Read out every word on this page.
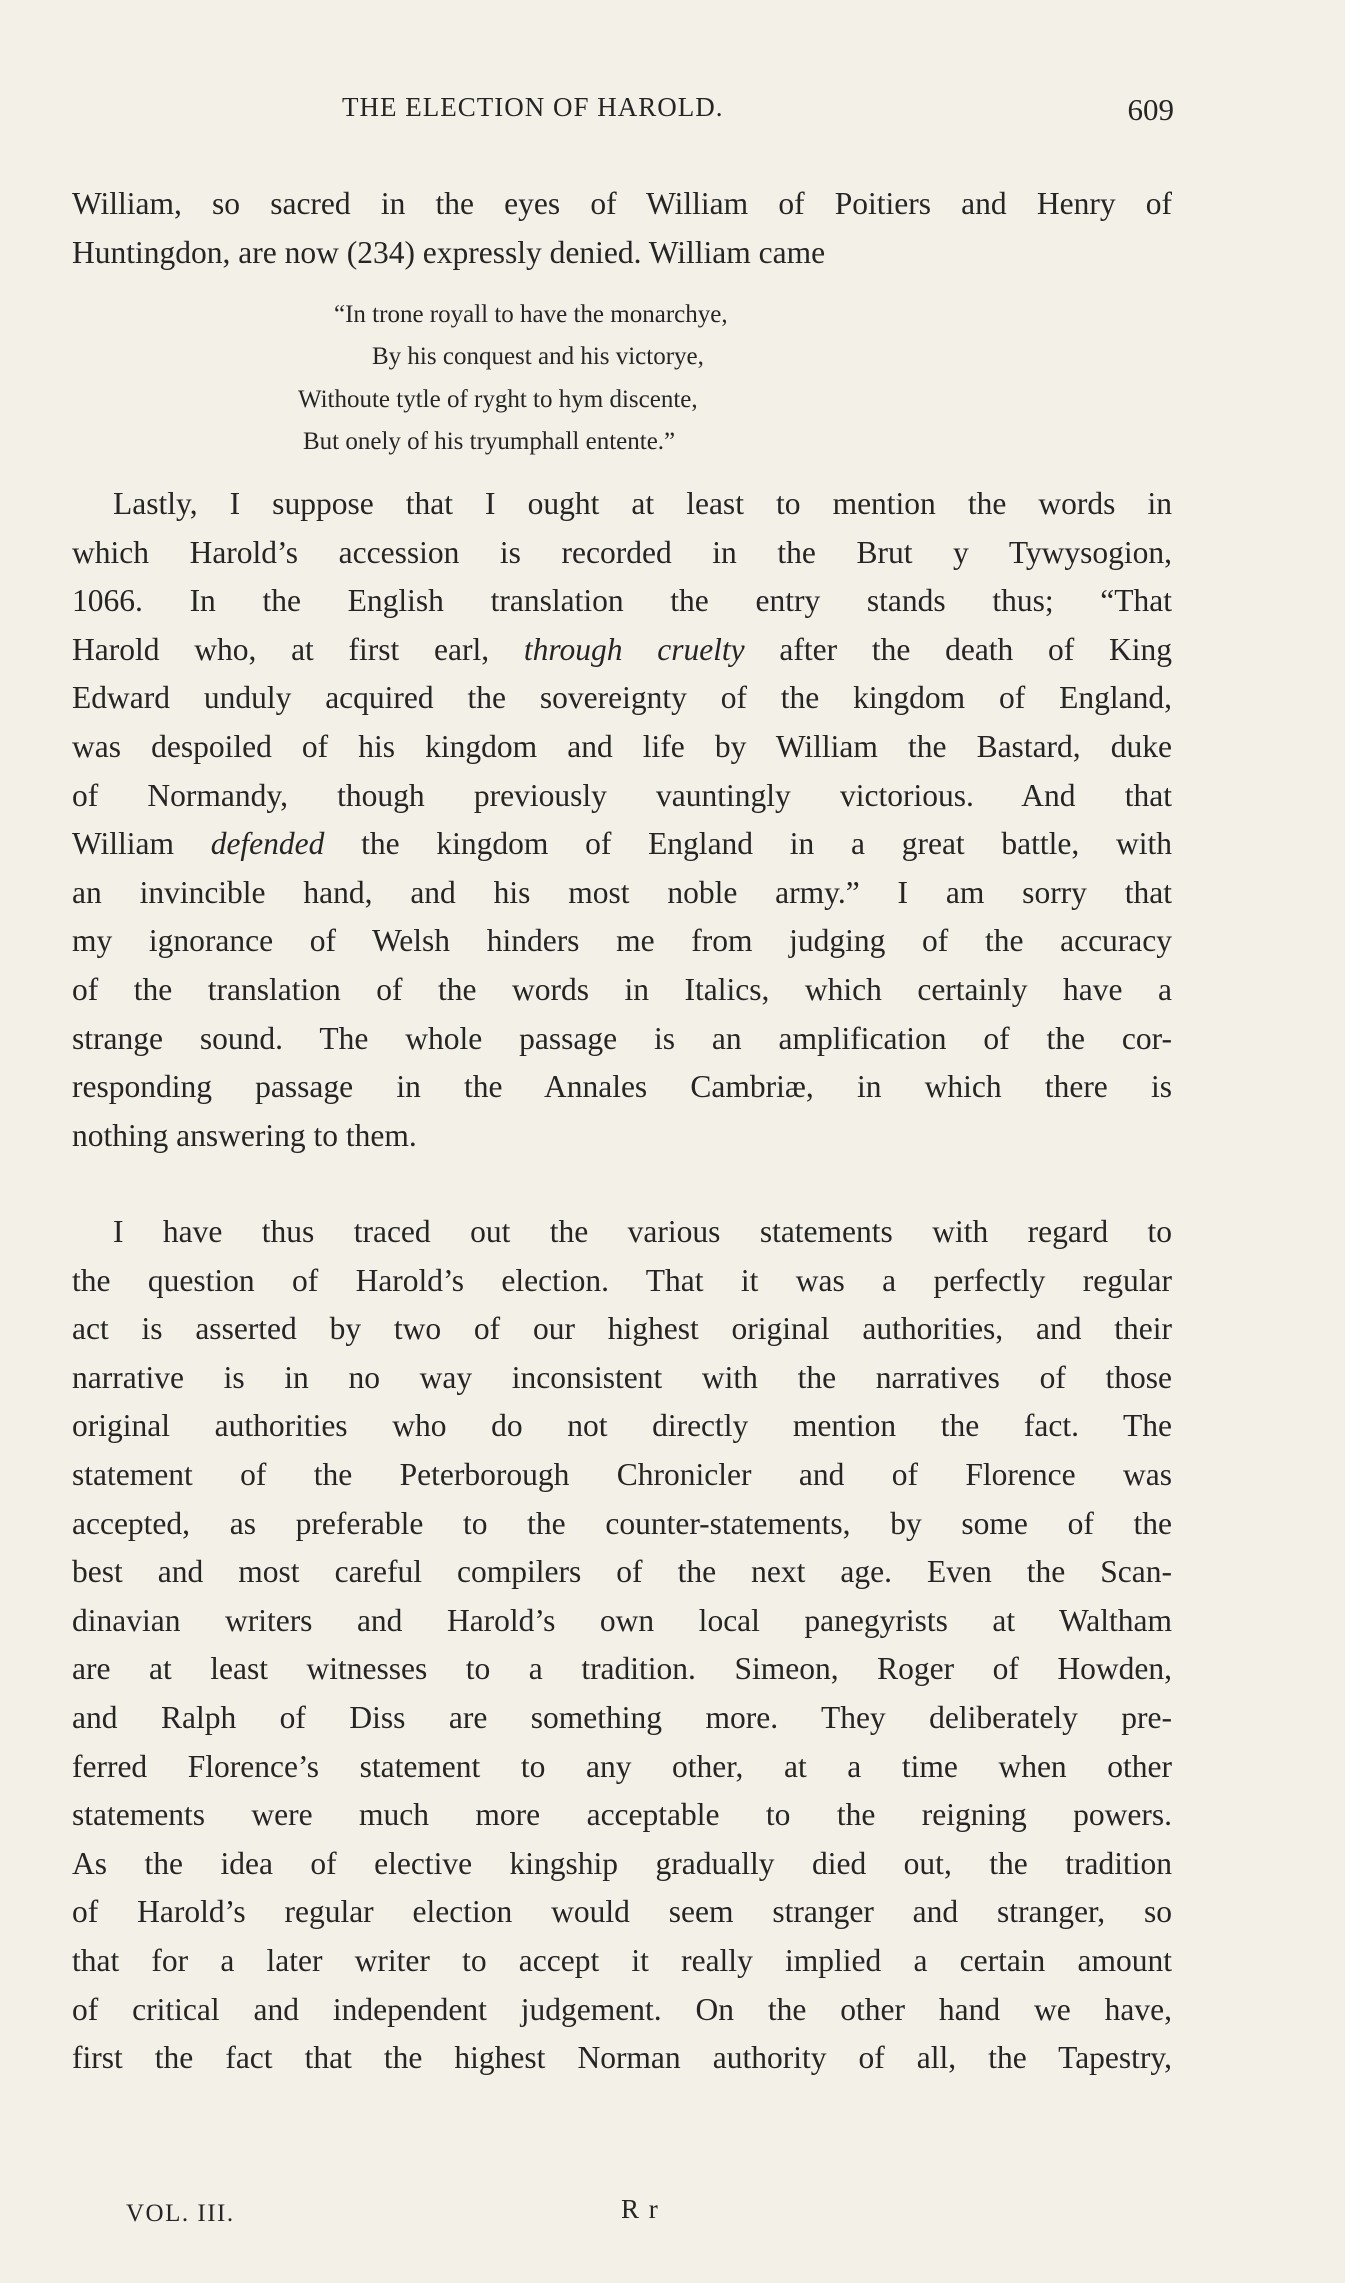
THE ELECTION OF HAROLD.	609
William, so sacred in the eyes of William of Poitiers and Henry of
Huntingdon, are now (234) expressly denied. William came
“In trone royall to have the monarchye,
By his conquest and his victorye,
Withoute tytle of ryght to hym discente,
But onely of his tryumphall entente.”
Lastly, I suppose that I ought at least to mention the words in
which Harold’s accession is recorded in the Brut y Tywysogion,
1066. In the English translation the entry stands thus; “That
Harold who, at first earl, through cruelty after the death of King
Edward unduly acquired the sovereignty of the kingdom of England,
was despoiled of his kingdom and life by William the Bastard, duke
of Normandy, though previously vauntingly victorious. And that
William defended the kingdom of England in a great battle, with
an invincible hand, and his most noble army.” I am sorry that
my ignorance of Welsh hinders me from judging of the accuracy
of the translation of the words in Italics, which certainly have a
strange sound. The whole passage is an amplification of the cor-
responding passage in the Annales Cambriæ, in which there is
nothing answering to them.
I have thus traced out the various statements with regard to
the question of Harold’s election. That it was a perfectly regular
act is asserted by two of our highest original authorities, and their
narrative is in no way inconsistent with the narratives of those
original authorities who do not directly mention the fact. The
statement of the Peterborough Chronicler and of Florence was
accepted, as preferable to the counter-statements, by some of the
best and most careful compilers of the next age. Even the Scan-
dinavian writers and Harold’s own local panegyrists at Waltham
are at least witnesses to a tradition. Simeon, Roger of Howden,
and Ralph of Diss are something more. They deliberately pre-
ferred Florence’s statement to any other, at a time when other
statements were much more acceptable to the reigning powers.
As the idea of elective kingship gradually died out, the tradition
of Harold’s regular election would seem stranger and stranger, so
that for a later writer to accept it really implied a certain amount
of critical and independent judgement. On the other hand we have,
first the fact that the highest Norman authority of all, the Tapestry,
VOL. III.	R r
